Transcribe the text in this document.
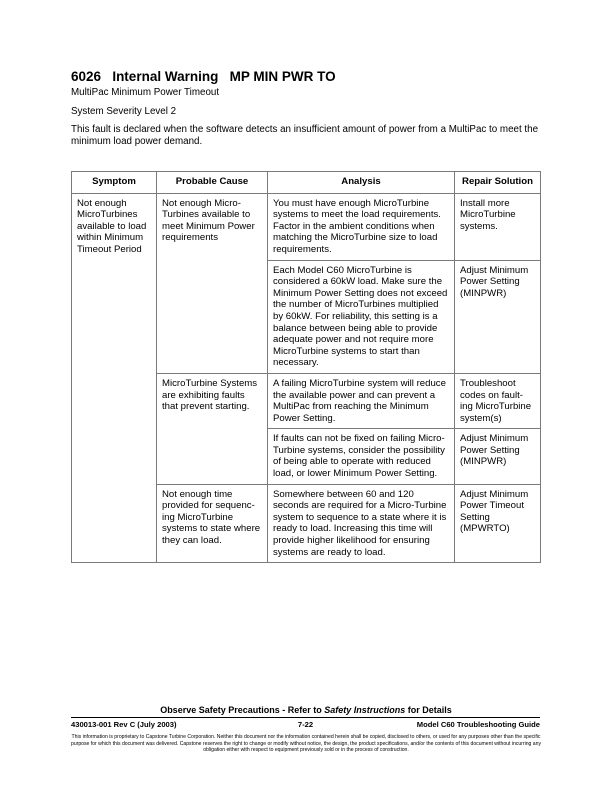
6026 Internal Warning MP MIN PWR TO
MultiPac Minimum Power Timeout
System Severity Level 2
This fault is declared when the software detects an insufficient amount of power from a MultiPac to meet the minimum load power demand.
Symptom	Probable Cause	Analysis	Repair Solution
Not enough MicroTurbines available to load within Minimum Timeout Period	Not enough Micro-Turbines available to meet Minimum Power requirements	You must have enough MicroTurbine systems to meet the load requirements. Factor in the ambient conditions when matching the MicroTurbine size to load requirements.	Install more MicroTurbine systems.
		Each Model C60 MicroTurbine is considered a 60kW load. Make sure the Minimum Power Setting does not exceed the number of MicroTurbines multiplied by 60kW. For reliability, this setting is a balance between being able to provide adequate power and not require more MicroTurbine systems to start than necessary.	Adjust Minimum Power Setting (MINPWR)
	MicroTurbine Systems are exhibiting faults that prevent starting.	A failing MicroTurbine system will reduce the available power and can prevent a MultiPac from reaching the Minimum Power Setting.	Troubleshoot codes on fault-ing MicroTurbine system(s)
		If faults can not be fixed on failing Micro-Turbine systems, consider the possibility of being able to operate with reduced load, or lower Minimum Power Setting.	Adjust Minimum Power Setting (MINPWR)
	Not enough time provided for sequenc-ing MicroTurbine systems to state where they can load.	Somewhere between 60 and 120 seconds are required for a Micro-Turbine system to sequence to a state where it is ready to load. Increasing this time will provide higher likelihood for ensuring systems are ready to load.	Adjust Minimum Power Timeout Setting (MPWRTO)
Observe Safety Precautions - Refer to Safety Instructions for Details
430013-001 Rev C (July 2003)	7-22	Model C60 Troubleshooting Guide
This information is proprietary to Capstone Turbine Corporation. Neither this document nor the information contained herein shall be copied, disclosed to others, or used for any purposes other than the specific purpose for which this document was delivered. Capstone reserves the right to change or modify without notice, the design, the product specifications, and/or the contents of this document without incurring any obligation either with respect to equipment previously sold or in the process of construction.
